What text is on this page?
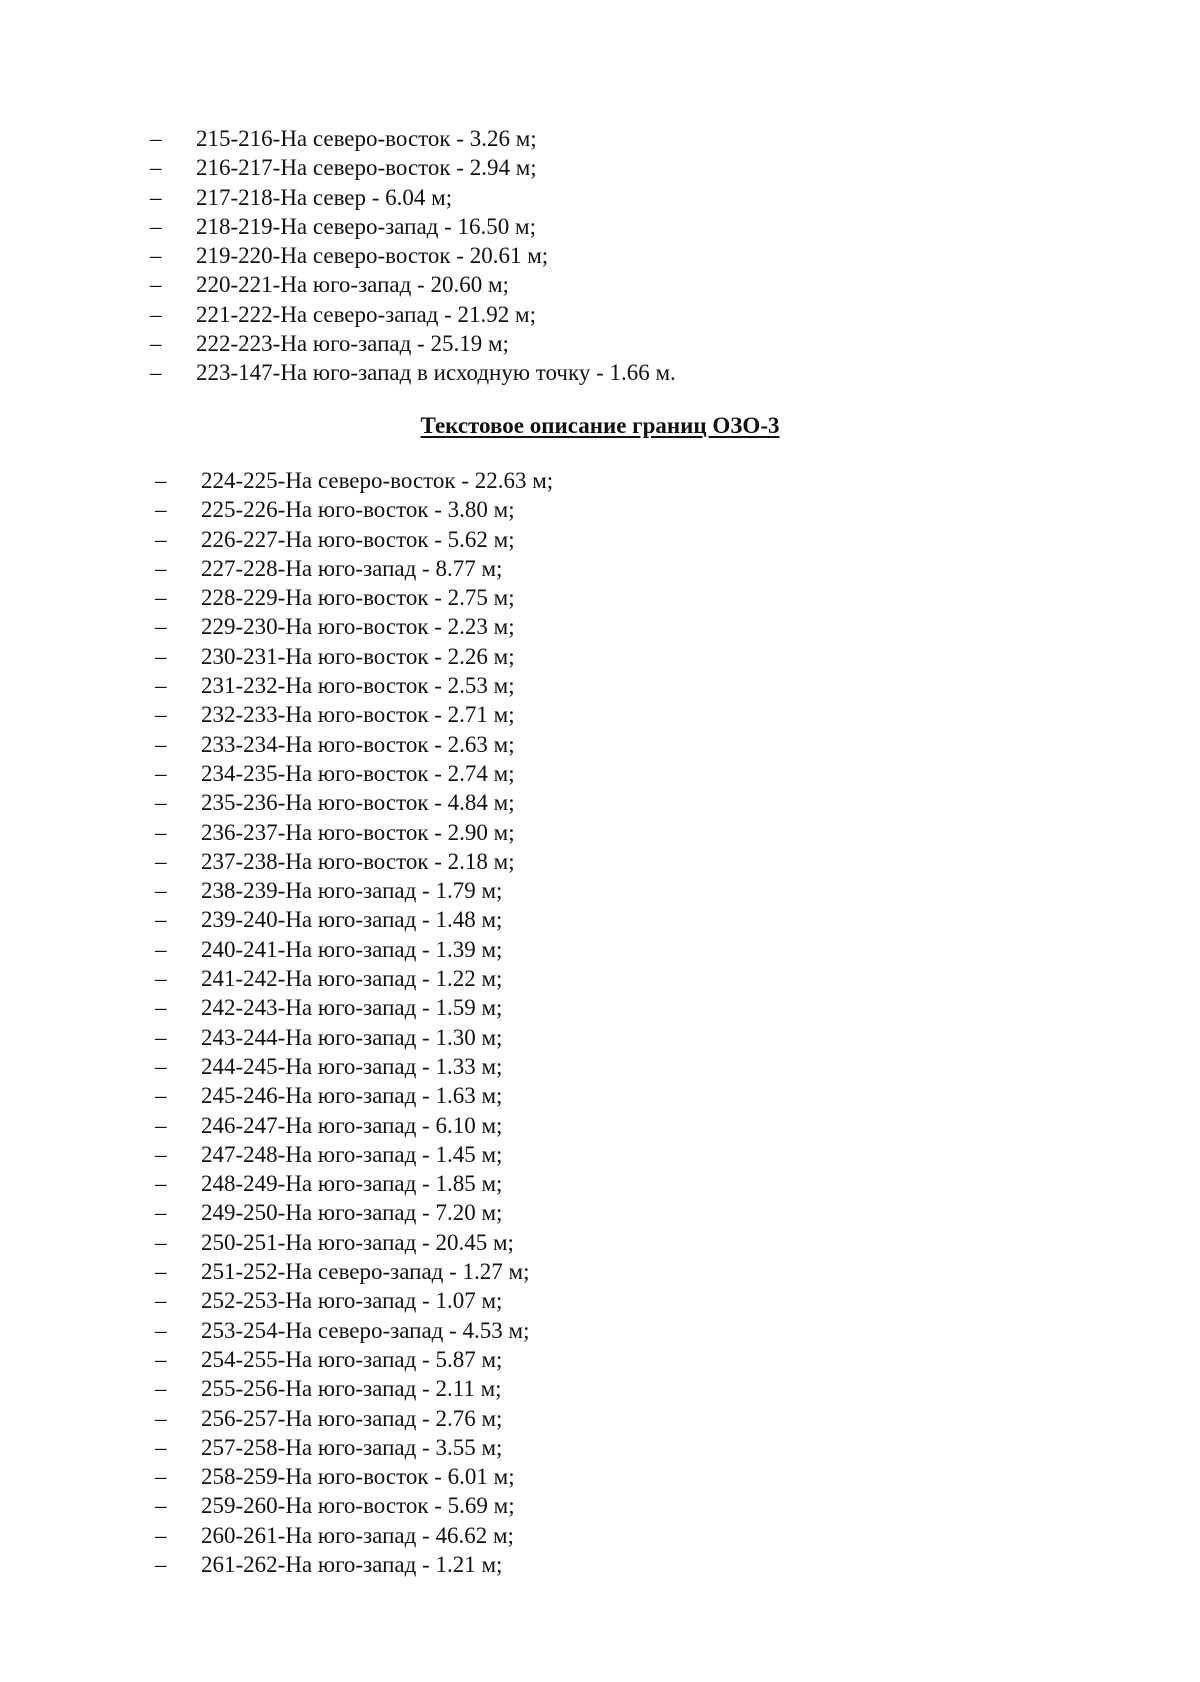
– 215-216-На северо-восток - 3.26 м;
– 216-217-На северо-восток - 2.94 м;
– 217-218-На север - 6.04 м;
– 218-219-На северо-запад - 16.50 м;
– 219-220-На северо-восток - 20.61 м;
– 220-221-На юго-запад - 20.60 м;
– 221-222-На северо-запад - 21.92 м;
– 222-223-На юго-запад - 25.19 м;
– 223-147-На юго-запад в исходную точку - 1.66 м.
Текстовое описание границ ОЗО-3
– 224-225-На северо-восток - 22.63 м;
– 225-226-На юго-восток - 3.80 м;
– 226-227-На юго-восток - 5.62 м;
– 227-228-На юго-запад - 8.77 м;
– 228-229-На юго-восток - 2.75 м;
– 229-230-На юго-восток - 2.23 м;
– 230-231-На юго-восток - 2.26 м;
– 231-232-На юго-восток - 2.53 м;
– 232-233-На юго-восток - 2.71 м;
– 233-234-На юго-восток - 2.63 м;
– 234-235-На юго-восток - 2.74 м;
– 235-236-На юго-восток - 4.84 м;
– 236-237-На юго-восток - 2.90 м;
– 237-238-На юго-восток - 2.18 м;
– 238-239-На юго-запад - 1.79 м;
– 239-240-На юго-запад - 1.48 м;
– 240-241-На юго-запад - 1.39 м;
– 241-242-На юго-запад - 1.22 м;
– 242-243-На юго-запад - 1.59 м;
– 243-244-На юго-запад - 1.30 м;
– 244-245-На юго-запад - 1.33 м;
– 245-246-На юго-запад - 1.63 м;
– 246-247-На юго-запад - 6.10 м;
– 247-248-На юго-запад - 1.45 м;
– 248-249-На юго-запад - 1.85 м;
– 249-250-На юго-запад - 7.20 м;
– 250-251-На юго-запад - 20.45 м;
– 251-252-На северо-запад - 1.27 м;
– 252-253-На юго-запад - 1.07 м;
– 253-254-На северо-запад - 4.53 м;
– 254-255-На юго-запад - 5.87 м;
– 255-256-На юго-запад - 2.11 м;
– 256-257-На юго-запад - 2.76 м;
– 257-258-На юго-запад - 3.55 м;
– 258-259-На юго-восток - 6.01 м;
– 259-260-На юго-восток - 5.69 м;
– 260-261-На юго-запад - 46.62 м;
– 261-262-На юго-запад - 1.21 м;
